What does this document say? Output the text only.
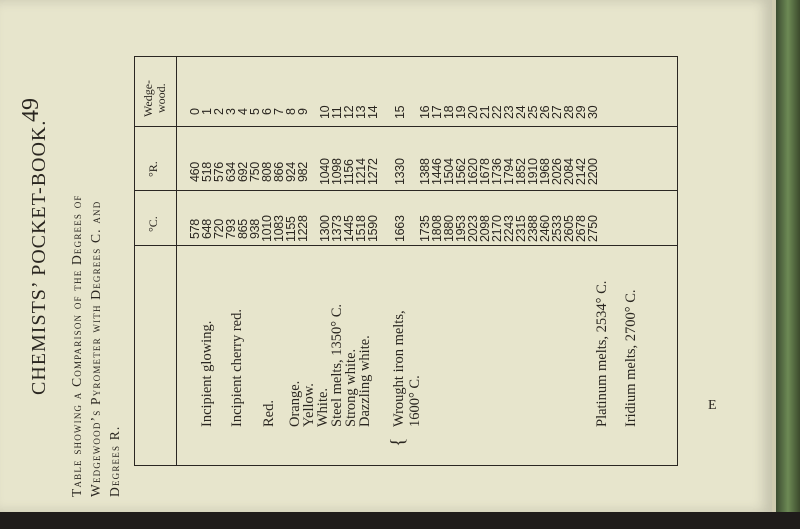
49
CHEMISTS’ POCKET-BOOK. Table showing a Comparison of the Degrees of Wedgewood’s Pyrometer with Degrees C. and Degrees R.
Wedge- wood.
°R.
°C.
0
1
2
3
4
5
6
7
8
9 10
11
12
13
14 15 16
17
18
19
20
21
22
23
24
25
26
27
28
29
30
460
518
576
634
692
750
808
866
924
982 1040
1098
1156
1214
1272 1330 1388
1446
1504
1562
1620
1678
1736
1794
1852
1910
1968
2026
2084
2142
2200
578
648
720
793
865
938
1010
1083
1155
1228 1300
1373
1445
1518
1590 1663 1735
1808
1880
1953
2023
2098
2170
2243
2315
2388
2460
2533
2605
2678
2750
Incipient glowing. Incipient cherry red. Red. Orange.
Yellow.
White.
Steel melts, 1350° C.
Strong white.
Dazzling white.
{
Wrought iron melts, 1600° C.	Platinum melts, 2534° C. Iridium melts, 2700° C.	E
